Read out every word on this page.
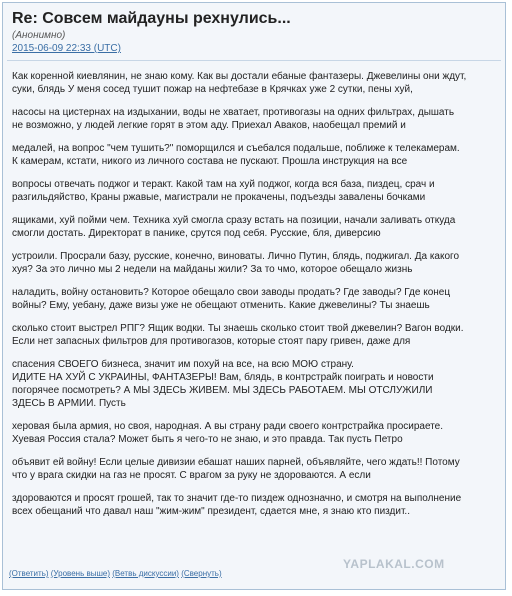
Re: Совсем майдауны рехнулись...
(Анонимно)
2015-06-09 22:33 (UTC)
Как коренной киевлянин, не знаю кому. Как вы достали ебаные фантазеры. Джевелины они ждут,
суки, блядь У меня сосед тушит пожар на нефтебазе в Крячках уже 2 сутки, пены хуй,
насосы на цистернах на издыхании, воды не хватает, противогазы на одних фильтрах, дышать
не возможно, у людей легкие горят в этом аду. Приехал Аваков, наобещал премий и
медалей, на вопрос "чем тушить?" поморщился и съебался подальше, поближе к телекамерам.
К камерам, кстати, никого из личного состава не пускают. Прошла инструкция на все
вопросы отвечать поджог и теракт. Какой там на хуй поджог, когда вся база, пиздец, срач и
разгильдяйство, Краны ржавые, магистрали не прокачены, подъезды завалены бочками
ящиками, хуй пойми чем. Техника хуй смогла сразу встать на позиции, начали заливать откуда
смогли достать. Директорат в панике, срутся под себя. Русские, бля, диверсию
устроили. Просрали базу, русские, конечно, виноваты. Лично Путин, блядь, поджигал. Да какого
хуя? За это лично мы 2 недели на майданы жили? За то чмо, которое обещало жизнь
наладить, войну остановить? Которое обещало свои заводы продать? Где заводы? Где конец
войны? Ему, уебану, даже визы уже не обещают отменить. Какие джевелины? Ты знаешь
сколько стоит выстрел РПГ? Ящик водки. Ты знаешь сколько стоит твой джевелин? Вагон водки.
Если нет запасных фильтров для противогазов, которые стоят пару гривен, даже для
спасения СВОЕГО бизнеса, значит им похуй на все, на всю МОЮ страну.
ИДИТЕ НА ХУЙ С УКРАИНЫ, ФАНТАЗЕРЫ! Вам, блядь, в контрстрайк поиграть и новости
погорячее посмотреть? А МЫ ЗДЕСЬ ЖИВЕМ. МЫ ЗДЕСЬ РАБОТАЕМ. МЫ ОТСЛУЖИЛИ
ЗДЕСЬ В АРМИИ. Пусть
херовая была армия, но своя, народная. А вы страну ради своего контрстрайка просираете.
Хуевая Россия стала? Может быть я чего-то не знаю, и это правда. Так пусть Петро
объявит ей войну! Если целые дивизии ебашат наших парней, объявляйте, чего ждать!! Потому
что у врага скидки на газ не просят. С врагом за руку не здороваются. А если
здороваются и просят грошей, так то значит где-то пиздеж однозначно, и смотря на выполнение
всех обещаний что давал наш "жим-жим" президент, сдается мне, я знаю кто пиздит..
(Ответить) (Уровень выше) (Ветвь дискуссии) (Свернуть)
YAPLAKAL.COM
